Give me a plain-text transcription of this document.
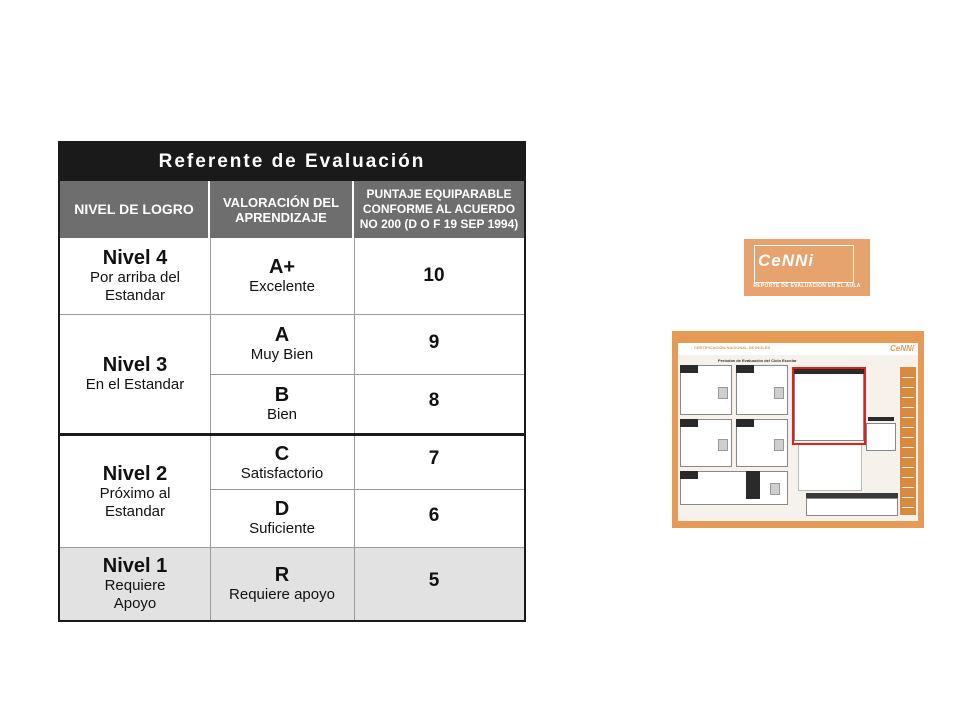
Referente de Evaluación
NIVEL DE LOGRO	VALORACIÓN DEL
APRENDIZAJE
PUNTAJE EQUIPARABLE
CONFORME AL ACUERDO
NO 200 (D O F 19 SEP 1994)
Nivel 4
Por arriba del
Estandar
Nivel 3
En el Estandar
Nivel 2
Próximo al
Estandar
Nivel 1
Requiere
Apoyo
A+
Excelente
A
Muy Bien
B
Bien
C
Satisfactorio
D
Suficiente
R
Requiere apoyo
10
9
8
7
6
5
CeNNi
REPORTE DE EVALUACIÓN EN EL AULA
CERTIFICACIÓN NACIONAL DE INGLÉS	CeNNi
Periodos de Evaluación del Ciclo Escolar
